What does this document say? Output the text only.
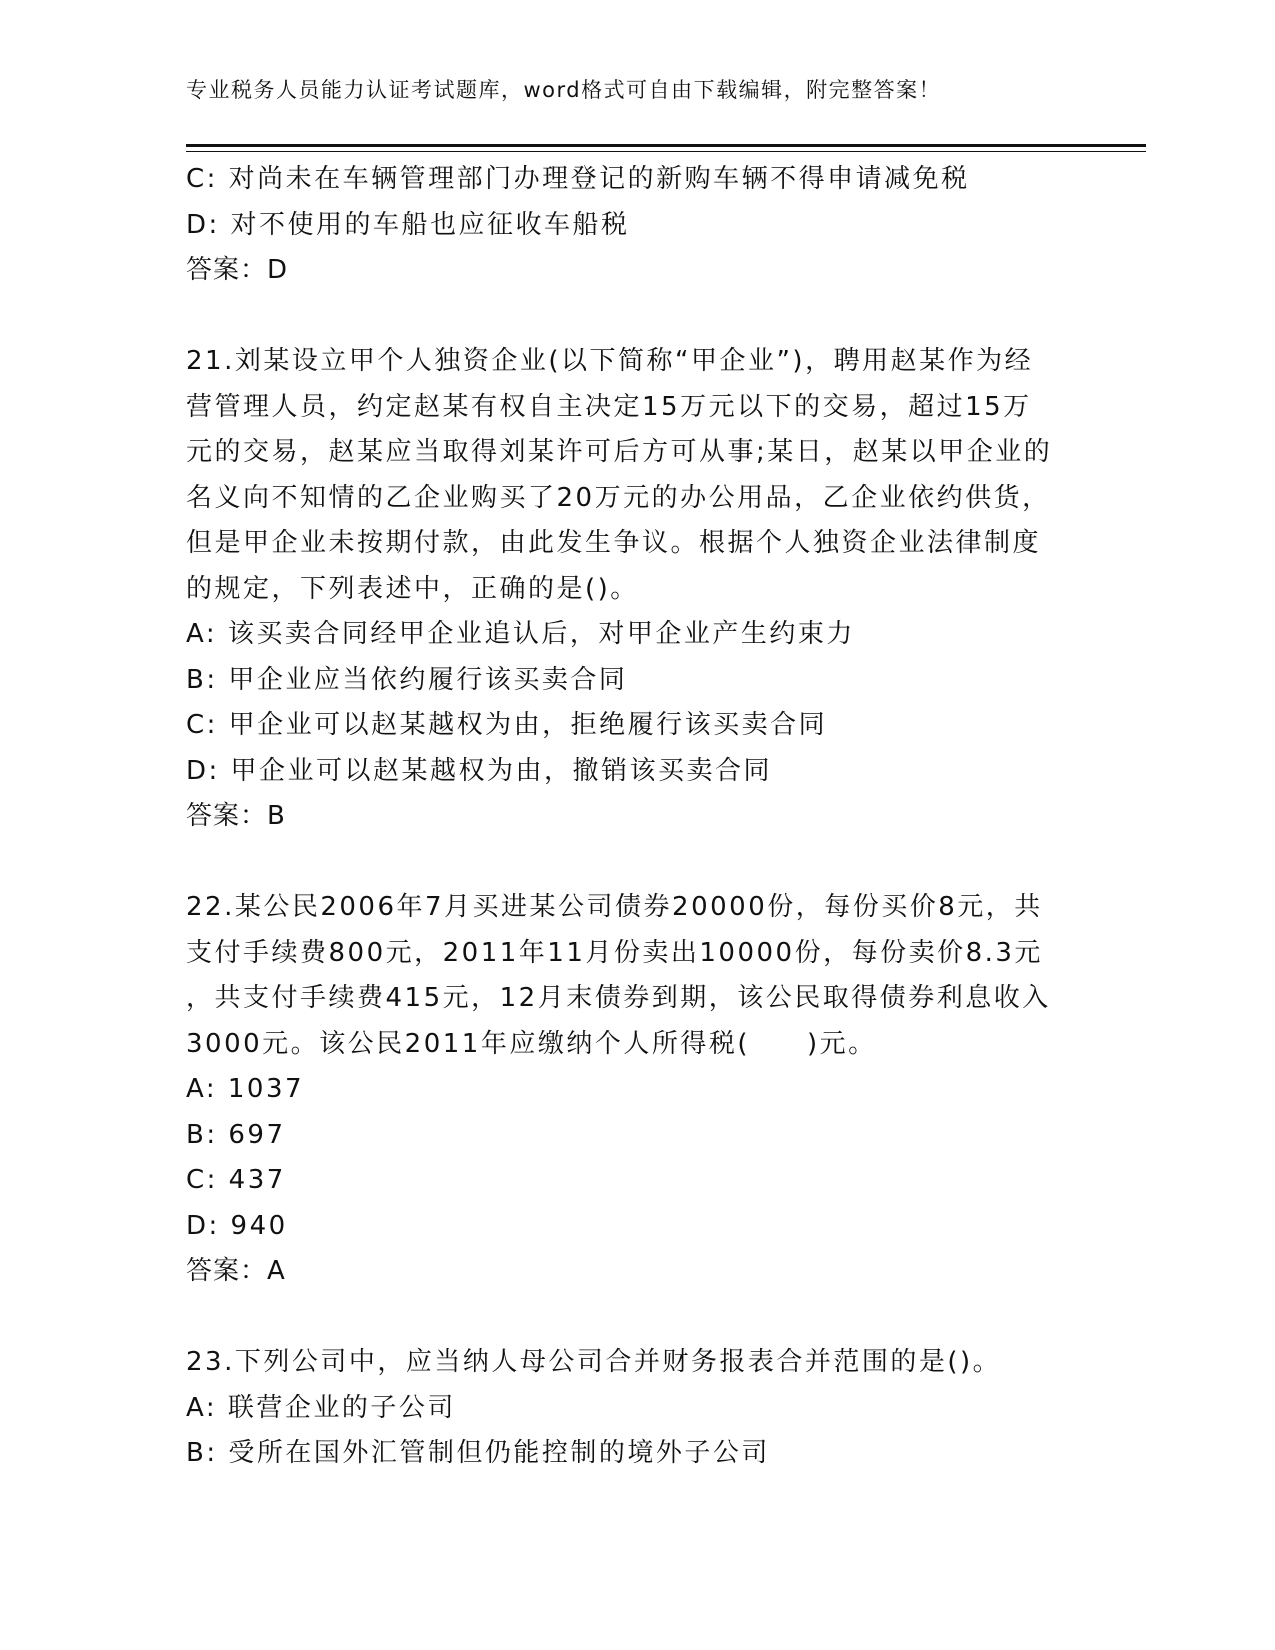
专业税务人员能力认证考试题库，word格式可自由下载编辑，附完整答案！
C: 对尚未在车辆管理部门办理登记的新购车辆不得申请减免税
D: 对不使用的车船也应征收车船税
答案：D
21.刘某设立甲个人独资企业(以下简称“甲企业”)，聘用赵某作为经
营管理人员，约定赵某有权自主决定15万元以下的交易，超过15万
元的交易，赵某应当取得刘某许可后方可从事;某日，赵某以甲企业的
名义向不知情的乙企业购买了20万元的办公用品，乙企业依约供货，
但是甲企业未按期付款，由此发生争议。根据个人独资企业法律制度
的规定，下列表述中，正确的是()。
A: 该买卖合同经甲企业追认后，对甲企业产生约束力
B: 甲企业应当依约履行该买卖合同
C: 甲企业可以赵某越权为由，拒绝履行该买卖合同
D: 甲企业可以赵某越权为由，撤销该买卖合同
答案：B
22.某公民2006年7月买进某公司债券20000份，每份买价8元，共
支付手续费800元，2011年11月份卖出10000份，每份卖价8.3元
，共支付手续费415元，12月末债券到期，该公民取得债券利息收入
3000元。该公民2011年应缴纳个人所得税(　　)元。
A: 1037
B: 697
C: 437
D: 940
答案：A
23.下列公司中，应当纳人母公司合并财务报表合并范围的是()。
A: 联营企业的子公司
B: 受所在国外汇管制但仍能控制的境外子公司
